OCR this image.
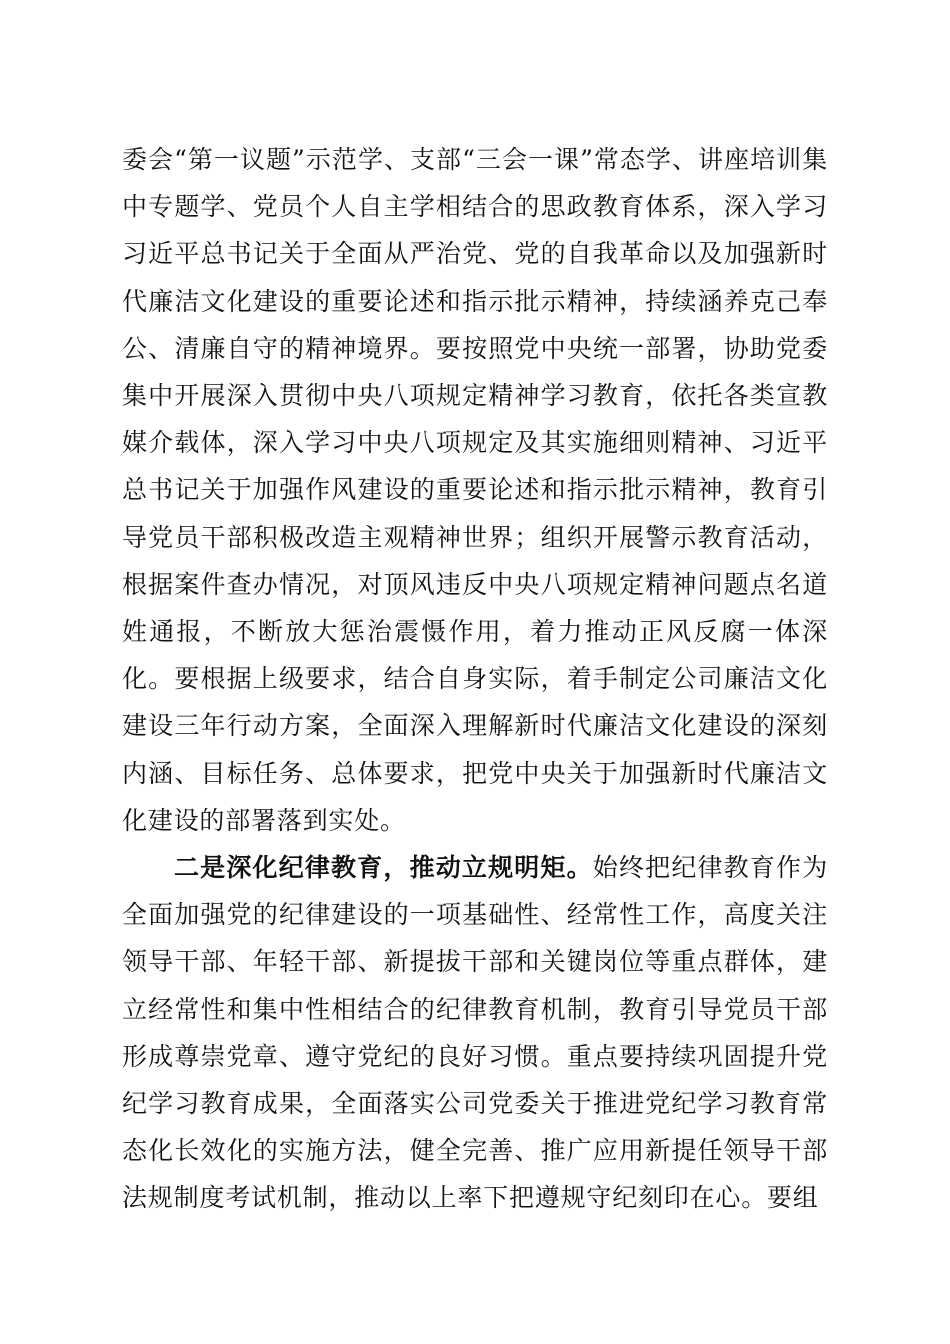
委会“第一议题”示范学、支部“三会一课”常态学、讲座培训集中专题学、党员个人自主学相结合的思政教育体系，深入学习习近平总书记关于全面从严治党、党的自我革命以及加强新时代廉洁文化建设的重要论述和指示批示精神，持续涵养克己奉公、清廉自守的精神境界。要按照党中央统一部署，协助党委集中开展深入贯彻中央八项规定精神学习教育，依托各类宣教媒介载体，深入学习中央八项规定及其实施细则精神、习近平总书记关于加强作风建设的重要论述和指示批示精神，教育引导党员干部积极改造主观精神世界；组织开展警示教育活动，根据案件查办情况，对顶风违反中央八项规定精神问题点名道姓通报，不断放大惩治震慑作用，着力推动正风反腐一体深化。要根据上级要求，结合自身实际，着手制定公司廉洁文化建设三年行动方案，全面深入理解新时代廉洁文化建设的深刻内涵、目标任务、总体要求，把党中央关于加强新时代廉洁文化建设的部署落到实处。

二是深化纪律教育，推动立规明矩。始终把纪律教育作为全面加强党的纪律建设的一项基础性、经常性工作，高度关注领导干部、年轻干部、新提拔干部和关键岗位等重点群体，建立经常性和集中性相结合的纪律教育机制，教育引导党员干部形成尊崇党章、遵守党纪的良好习惯。重点要持续巩固提升党纪学习教育成果，全面落实公司党委关于推进党纪学习教育常态化长效化的实施方法，健全完善、推广应用新提任领导干部法规制度考试机制，推动以上率下把遵规守纪刻印在心。要组
